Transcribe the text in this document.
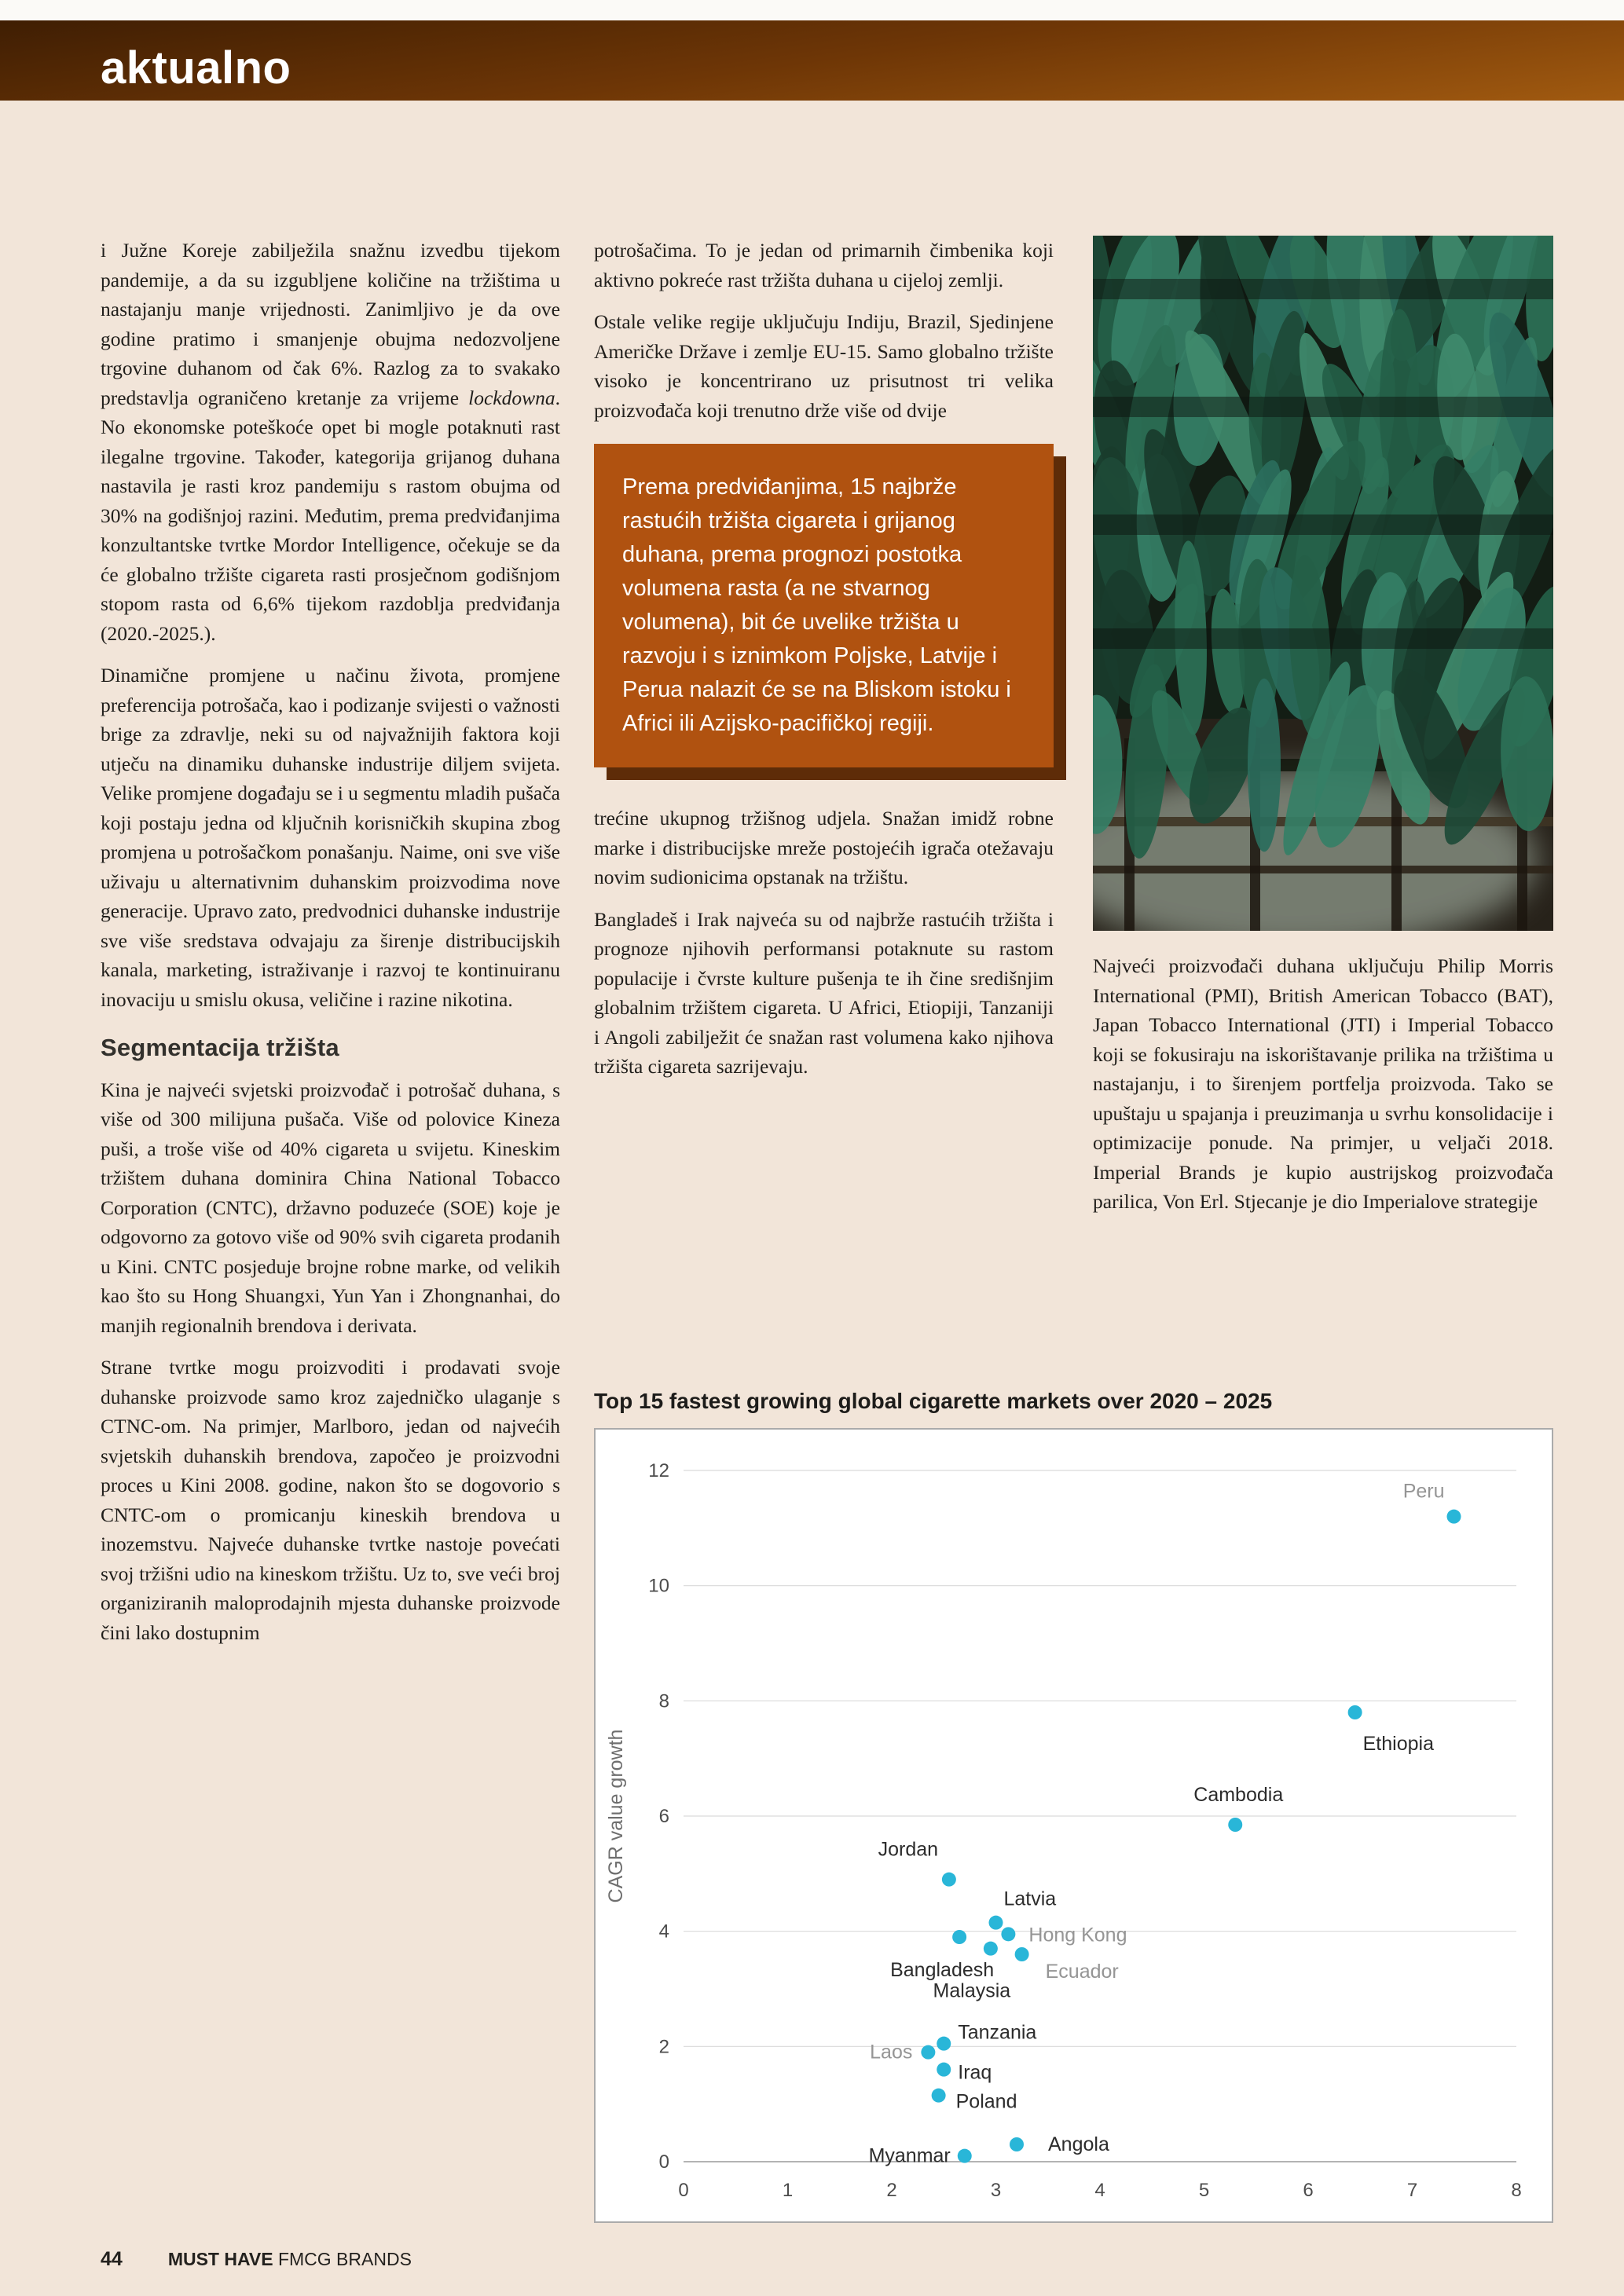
aktualno

i Južne Koreje zabilježila snažnu izvedbu tijekom pandemije, a da su izgubljene količine na tržištima u nastajanju manje vrijednosti. Zanimljivo je da ove godine pratimo i smanjenje obujma nedozvoljene trgovine duhanom od čak 6%. Razlog za to svakako predstavlja ograničeno kretanje za vrijeme lockdowna. No ekonomske poteškoće opet bi mogle potaknuti rast ilegalne trgovine. Također, kategorija grijanog duhana nastavila je rasti kroz pandemiju s rastom obujma od 30% na godišnjoj razini. Međutim, prema predviđanjima konzultantske tvrtke Mordor Intelligence, očekuje se da će globalno tržište cigareta rasti prosječnom godišnjom stopom rasta od 6,6% tijekom razdoblja predviđanja (2020.-2025.).

Dinamične promjene u načinu života, promjene preferencija potrošača, kao i podizanje svijesti o važnosti brige za zdravlje, neki su od najvažnijih faktora koji utječu na dinamiku duhanske industrije diljem svijeta. Velike promjene događaju se i u segmentu mladih pušača koji postaju jedna od ključnih korisničkih skupina zbog promjena u potrošačkom ponašanju. Naime, oni sve više uživaju u alternativnim duhanskim proizvodima nove generacije. Upravo zato, predvodnici duhanske industrije sve više sredstava odvajaju za širenje distribucijskih kanala, marketing, istraživanje i razvoj te kontinuiranu inovaciju u smislu okusa, veličine i razine nikotina.

Segmentacija tržišta

Kina je najveći svjetski proizvođač i potrošač duhana, s više od 300 milijuna pušača. Više od polovice Kineza puši, a troše više od 40% cigareta u svijetu. Kineskim tržištem duhana dominira China National Tobacco Corporation (CNTC), državno poduzeće (SOE) koje je odgovorno za gotovo više od 90% svih cigareta prodanih u Kini. CNTC posjeduje brojne robne marke, od velikih kao što su Hong Shuangxi, Yun Yan i Zhongnanhai, do manjih regionalnih brendova i derivata.

Strane tvrtke mogu proizvoditi i prodavati svoje duhanske proizvode samo kroz zajedničko ulaganje s CTNC-om. Na primjer, Marlboro, jedan od najvećih svjetskih duhanskih brendova, započeo je proizvodni proces u Kini 2008. godine, nakon što se dogovorio s CNTC-om o promicanju kineskih brendova u inozemstvu. Najveće duhanske tvrtke nastoje povećati svoj tržišni udio na kineskom tržištu. Uz to, sve veći broj organiziranih maloprodajnih mjesta duhanske proizvode čini lako dostupnim

potrošačima. To je jedan od primarnih čimbenika koji aktivno pokreće rast tržišta duhana u cijeloj zemlji.

Ostale velike regije uključuju Indiju, Brazil, Sjedinjene Američke Države i zemlje EU-15. Samo globalno tržište visoko je koncentrirano uz prisutnost tri velika proizvođača koji trenutno drže više od dvije

Prema predviđanjima, 15 najbrže rastućih tržišta cigareta i grijanog duhana, prema prognozi postotka volumena rasta (a ne stvarnog volumena), bit će uvelike tržišta u razvoju i s iznimkom Poljske, Latvije i Perua nalazit će se na Bliskom istoku i Africi ili Azijsko-pacifičkoj regiji.

trećine ukupnog tržišnog udjela. Snažan imidž robne marke i distribucijske mreže postojećih igrača otežavaju novim sudionicima opstanak na tržištu.

Bangladeš i Irak najveća su od najbrže rastućih tržišta i prognoze njihovih performansi potaknute su rastom populacije i čvrste kulture pušenja te ih čine središnjim globalnim tržištem cigareta. U Africi, Etiopiji, Tanzaniji i Angoli zabilježit će snažan rast volumena kako njihova tržišta cigareta sazrijevaju.

Najveći proizvođači duhana uključuju Philip Morris International (PMI), British American Tobacco (BAT), Japan Tobacco International (JTI) i Imperial Tobacco koji se fokusiraju na iskorištavanje prilika na tržištima u nastajanju, i to širenjem portfelja proizvoda. Tako se upuštaju u spajanja i preuzimanja u svrhu konsolidacije i optimizacije ponude. Na primjer, u veljači 2018. Imperial Brands je kupio austrijskog proizvođača parilica, Von Erl. Stjecanje je dio Imperialove strategije

Top 15 fastest growing global cigarette markets over 2020 – 2025
0
2
4
6
8
10
12
0	1	2	3	4	5	6	7	8
CAGR value growth
Peru
Ethiopia
Cambodia
Jordan
Latvia
Bangladesh
Hong Kong
Malaysia
Ecuador
Tanzania
Laos
Iraq
Poland
Myanmar
Angola
44	MUST HAVE FMCG BRANDS
